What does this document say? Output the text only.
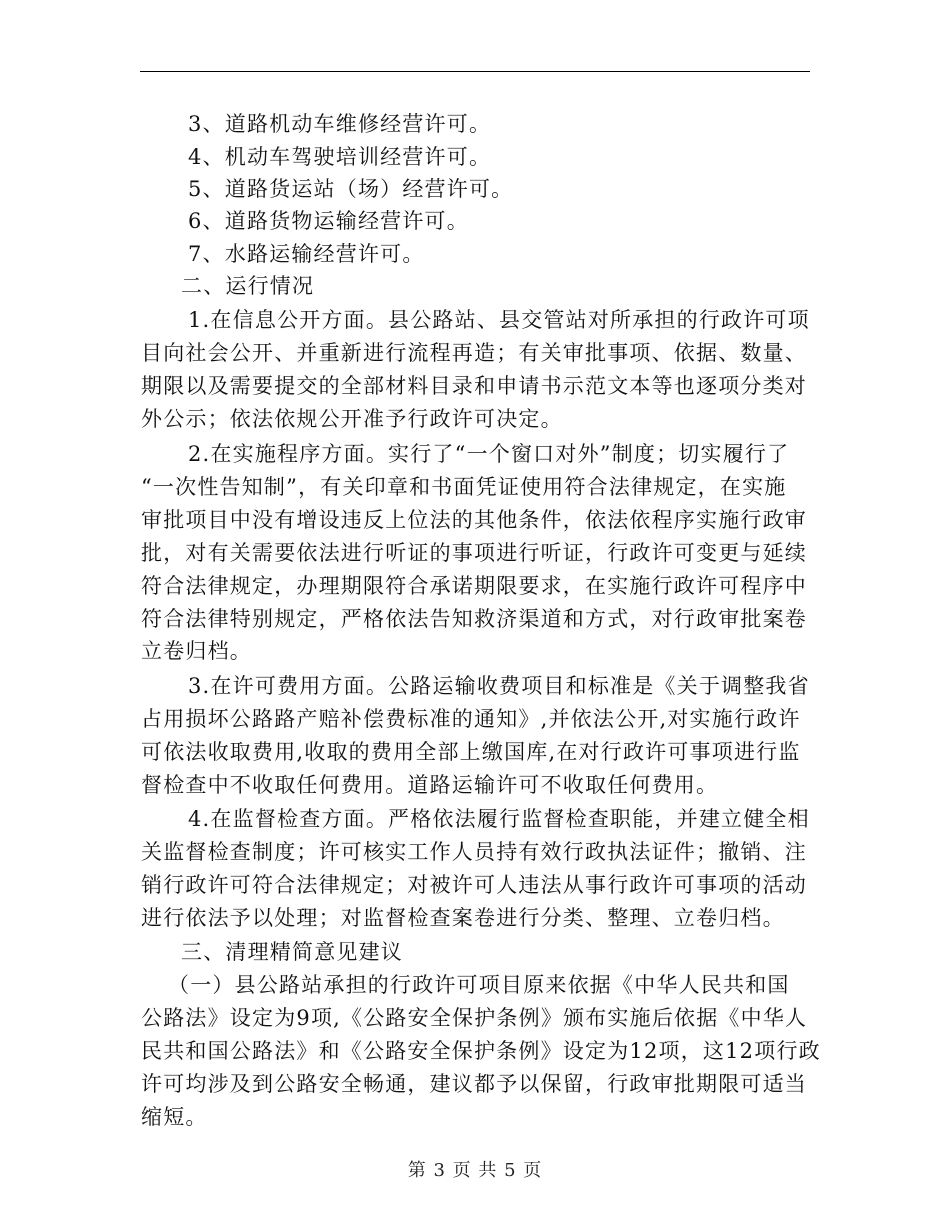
3、道路机动车维修经营许可。
4、机动车驾驶培训经营许可。
5、道路货运站（场）经营许可。
6、道路货物运输经营许可。
7、水路运输经营许可。
二、运行情况
1.在信息公开方面。县公路站、县交管站对所承担的行政许可项
目向社会公开、并重新进行流程再造；有关审批事项、依据、数量、
期限以及需要提交的全部材料目录和申请书示范文本等也逐项分类对
外公示；依法依规公开准予行政许可决定。
2.在实施程序方面。实行了“一个窗口对外”制度；切实履行了
“一次性告知制”，有关印章和书面凭证使用符合法律规定，在实施
审批项目中没有增设违反上位法的其他条件，依法依程序实施行政审
批，对有关需要依法进行听证的事项进行听证，行政许可变更与延续
符合法律规定，办理期限符合承诺期限要求，在实施行政许可程序中
符合法律特别规定，严格依法告知救济渠道和方式，对行政审批案卷
立卷归档。
3.在许可费用方面。公路运输收费项目和标准是《关于调整我省
占用损坏公路路产赔补偿费标准的通知》,并依法公开,对实施行政许
可依法收取费用,收取的费用全部上缴国库,在对行政许可事项进行监
督检查中不收取任何费用。道路运输许可不收取任何费用。
4.在监督检查方面。严格依法履行监督检查职能，并建立健全相
关监督检查制度；许可核实工作人员持有效行政执法证件；撤销、注
销行政许可符合法律规定；对被许可人违法从事行政许可事项的活动
进行依法予以处理；对监督检查案卷进行分类、整理、立卷归档。
三、清理精简意见建议
（一）县公路站承担的行政许可项目原来依据《中华人民共和国
公路法》设定为9项,《公路安全保护条例》颁布实施后依据《中华人
民共和国公路法》和《公路安全保护条例》设定为12项，这12项行政
许可均涉及到公路安全畅通，建议都予以保留，行政审批期限可适当
缩短。
第 3 页 共 5 页
